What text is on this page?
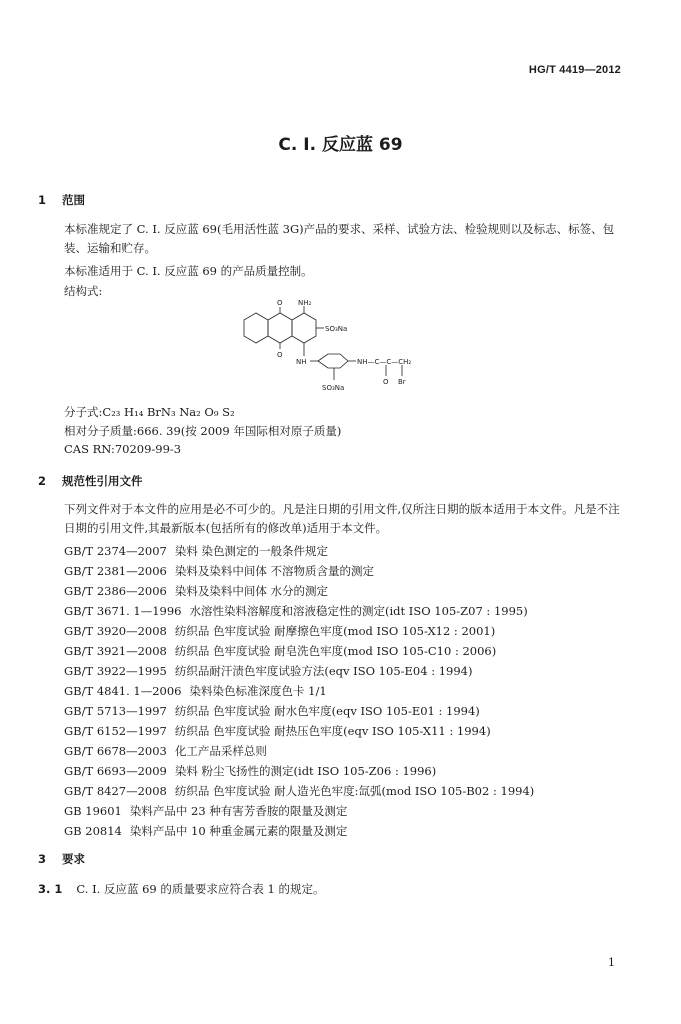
HG/T 4419—2012
C. I. 反应蓝 69
1 范围
本标准规定了 C. I. 反应蓝 69(毛用活性蓝 3G)产品的要求、采样、试验方法、检验规则以及标志、标签、包装、运输和贮存。
本标准适用于 C. I. 反应蓝 69 的产品质量控制。
结构式:
O NH₂
SO₃Na
O
NH	NH—C—C—CH₂
O Br
SO₃Na
分子式:C₂₃ H₁₄ BrN₃ Na₂ O₉ S₂
相对分子质量:666. 39(按 2009 年国际相对原子质量)
CAS RN:70209-99-3
2 规范性引用文件
下列文件对于本文件的应用是必不可少的。凡是注日期的引用文件,仅所注日期的版本适用于本文件。凡是不注日期的引用文件,其最新版本(包括所有的修改单)适用于本文件。
GB/T 2374—2007 染料 染色测定的一般条件规定
GB/T 2381—2006 染料及染料中间体 不溶物质含量的测定
GB/T 2386—2006 染料及染料中间体 水分的测定
GB/T 3671. 1—1996 水溶性染料溶解度和溶液稳定性的测定(idt ISO 105-Z07 : 1995)
GB/T 3920—2008 纺织品 色牢度试验 耐摩擦色牢度(mod ISO 105-X12 : 2001)
GB/T 3921—2008 纺织品 色牢度试验 耐皂洗色牢度(mod ISO 105-C10 : 2006)
GB/T 3922—1995 纺织品耐汗渍色牢度试验方法(eqv ISO 105-E04 : 1994)
GB/T 4841. 1—2006 染料染色标准深度色卡 1/1
GB/T 5713—1997 纺织品 色牢度试验 耐水色牢度(eqv ISO 105-E01 : 1994)
GB/T 6152—1997 纺织品 色牢度试验 耐热压色牢度(eqv ISO 105-X11 : 1994)
GB/T 6678—2003 化工产品采样总则
GB/T 6693—2009 染料 粉尘飞扬性的测定(idt ISO 105-Z06 : 1996)
GB/T 8427—2008 纺织品 色牢度试验 耐人造光色牢度:氙弧(mod ISO 105-B02 : 1994)
GB 19601 染料产品中 23 种有害芳香胺的限量及测定
GB 20814 染料产品中 10 种重金属元素的限量及测定
3 要求
3. 1 C. I. 反应蓝 69 的质量要求应符合表 1 的规定。
1
